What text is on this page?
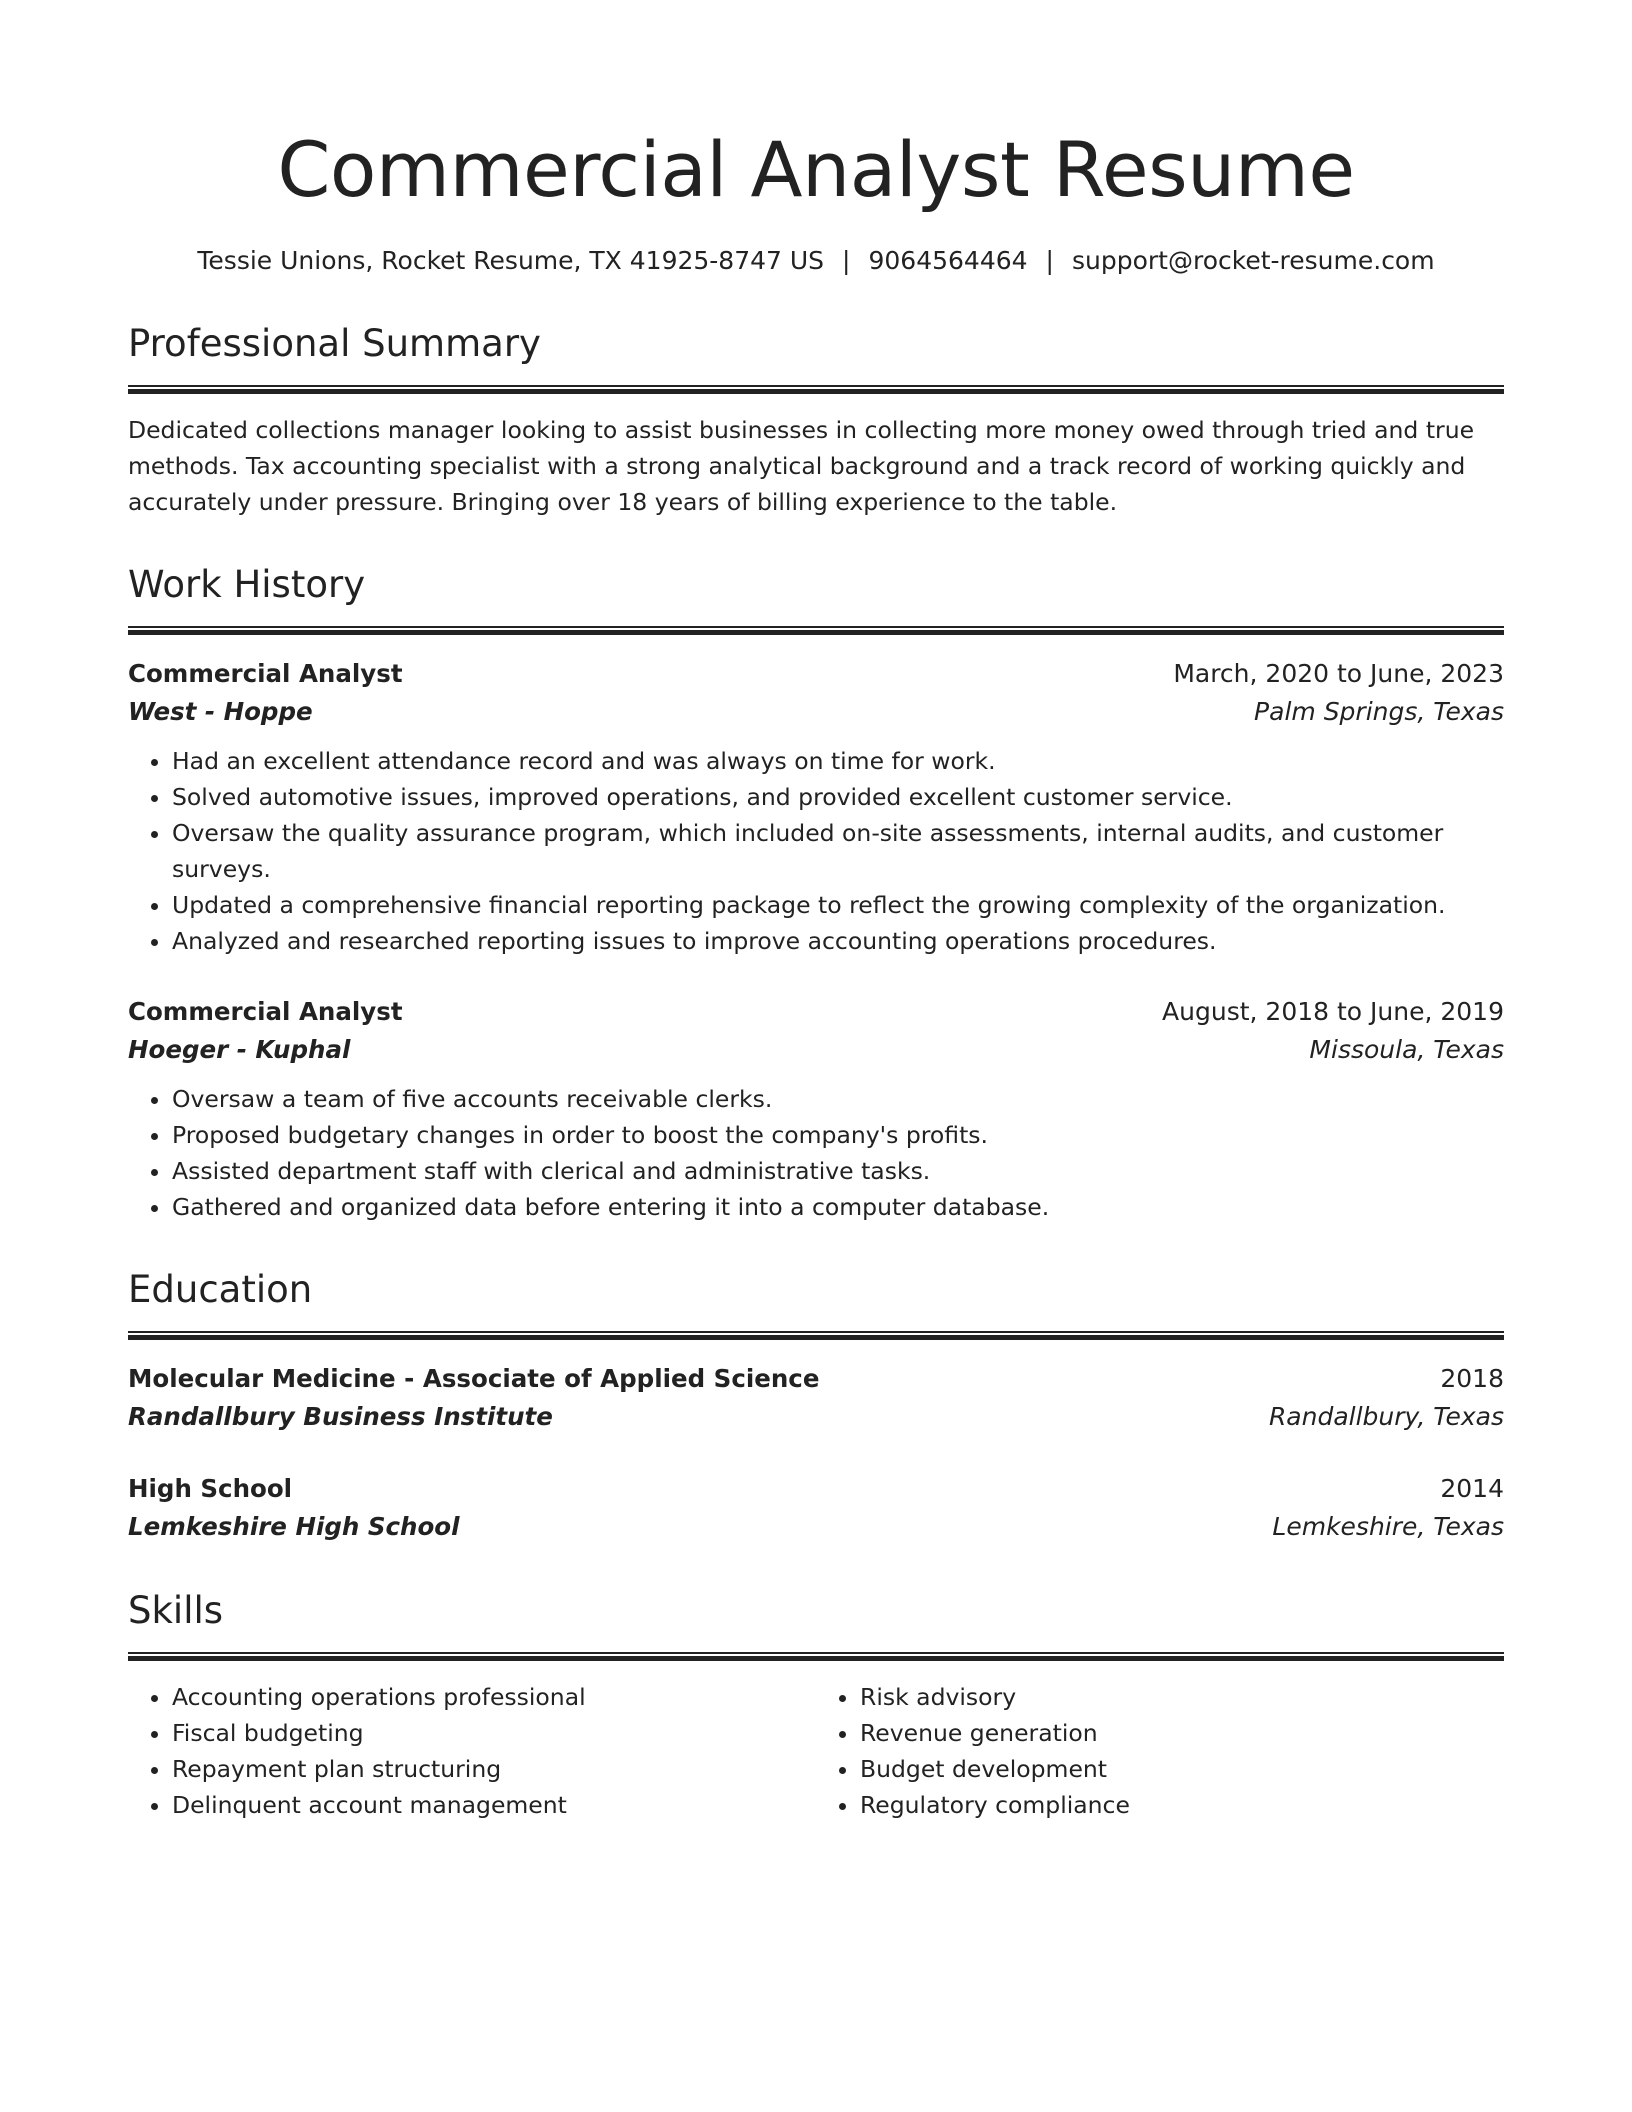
Commercial Analyst Resume
Tessie Unions, Rocket Resume, TX 41925-8747 US | 9064564464 | support@rocket-resume.com
Professional Summary
Dedicated collections manager looking to assist businesses in collecting more money owed through tried and true methods. Tax accounting specialist with a strong analytical background and a track record of working quickly and accurately under pressure. Bringing over 18 years of billing experience to the table.
Work History
Commercial Analyst	March, 2020 to June, 2023
West - Hoppe	Palm Springs, Texas
• Had an excellent attendance record and was always on time for work.
• Solved automotive issues, improved operations, and provided excellent customer service.
• Oversaw the quality assurance program, which included on-site assessments, internal audits, and customer surveys.
• Updated a comprehensive financial reporting package to reflect the growing complexity of the organization.
• Analyzed and researched reporting issues to improve accounting operations procedures.
Commercial Analyst	August, 2018 to June, 2019
Hoeger - Kuphal	Missoula, Texas
• Oversaw a team of five accounts receivable clerks.
• Proposed budgetary changes in order to boost the company's profits.
• Assisted department staff with clerical and administrative tasks.
• Gathered and organized data before entering it into a computer database.
Education
Molecular Medicine - Associate of Applied Science	2018
Randallbury Business Institute	Randallbury, Texas
High School	2014
Lemkeshire High School	Lemkeshire, Texas
Skills
• Accounting operations professional
• Fiscal budgeting
• Repayment plan structuring
• Delinquent account management
• Risk advisory
• Revenue generation
• Budget development
• Regulatory compliance
